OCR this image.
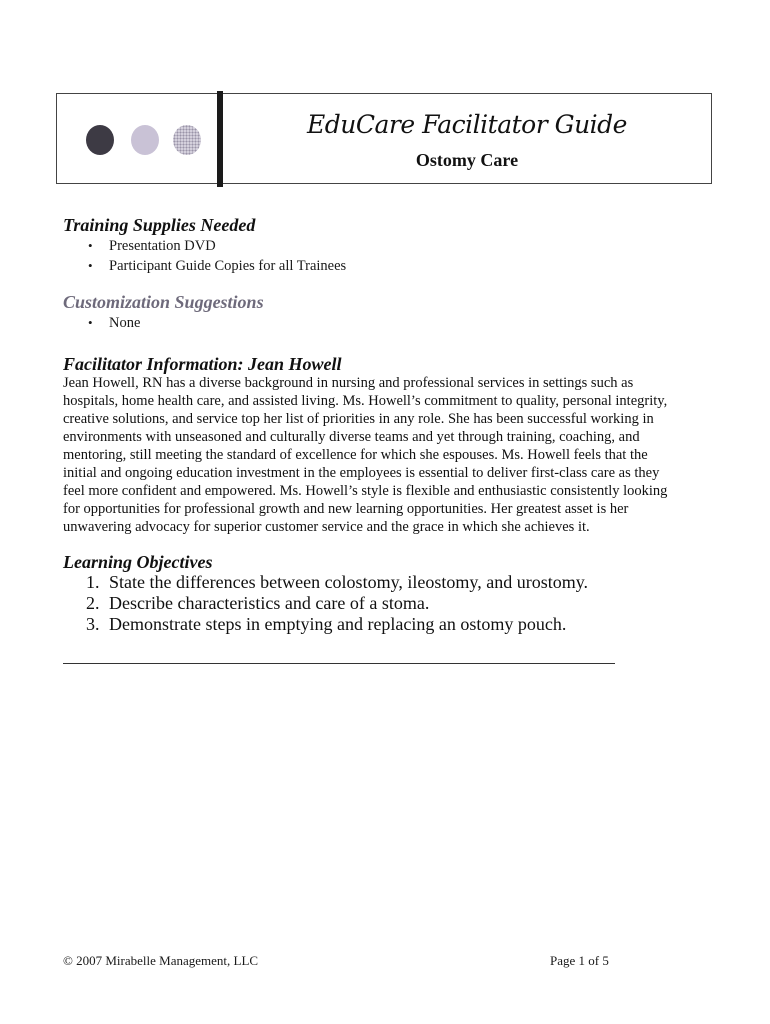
EduCare Facilitator Guide
Ostomy Care
Training Supplies Needed
• Presentation DVD
• Participant Guide Copies for all Trainees
Customization Suggestions
• None
Facilitator Information: Jean Howell
Jean Howell, RN has a diverse background in nursing and professional services in settings such as
hospitals, home health care, and assisted living. Ms. Howell’s commitment to quality, personal integrity,
creative solutions, and service top her list of priorities in any role. She has been successful working in
environments with unseasoned and culturally diverse teams and yet through training, coaching, and
mentoring, still meeting the standard of excellence for which she espouses. Ms. Howell feels that the
initial and ongoing education investment in the employees is essential to deliver first-class care as they
feel more confident and empowered. Ms. Howell’s style is flexible and enthusiastic consistently looking
for opportunities for professional growth and new learning opportunities. Her greatest asset is her
unwavering advocacy for superior customer service and the grace in which she achieves it.
Learning Objectives
1. State the differences between colostomy, ileostomy, and urostomy.
2. Describe characteristics and care of a stoma.
3. Demonstrate steps in emptying and replacing an ostomy pouch.
© 2007 Mirabelle Management, LLC	Page 1 of 5
